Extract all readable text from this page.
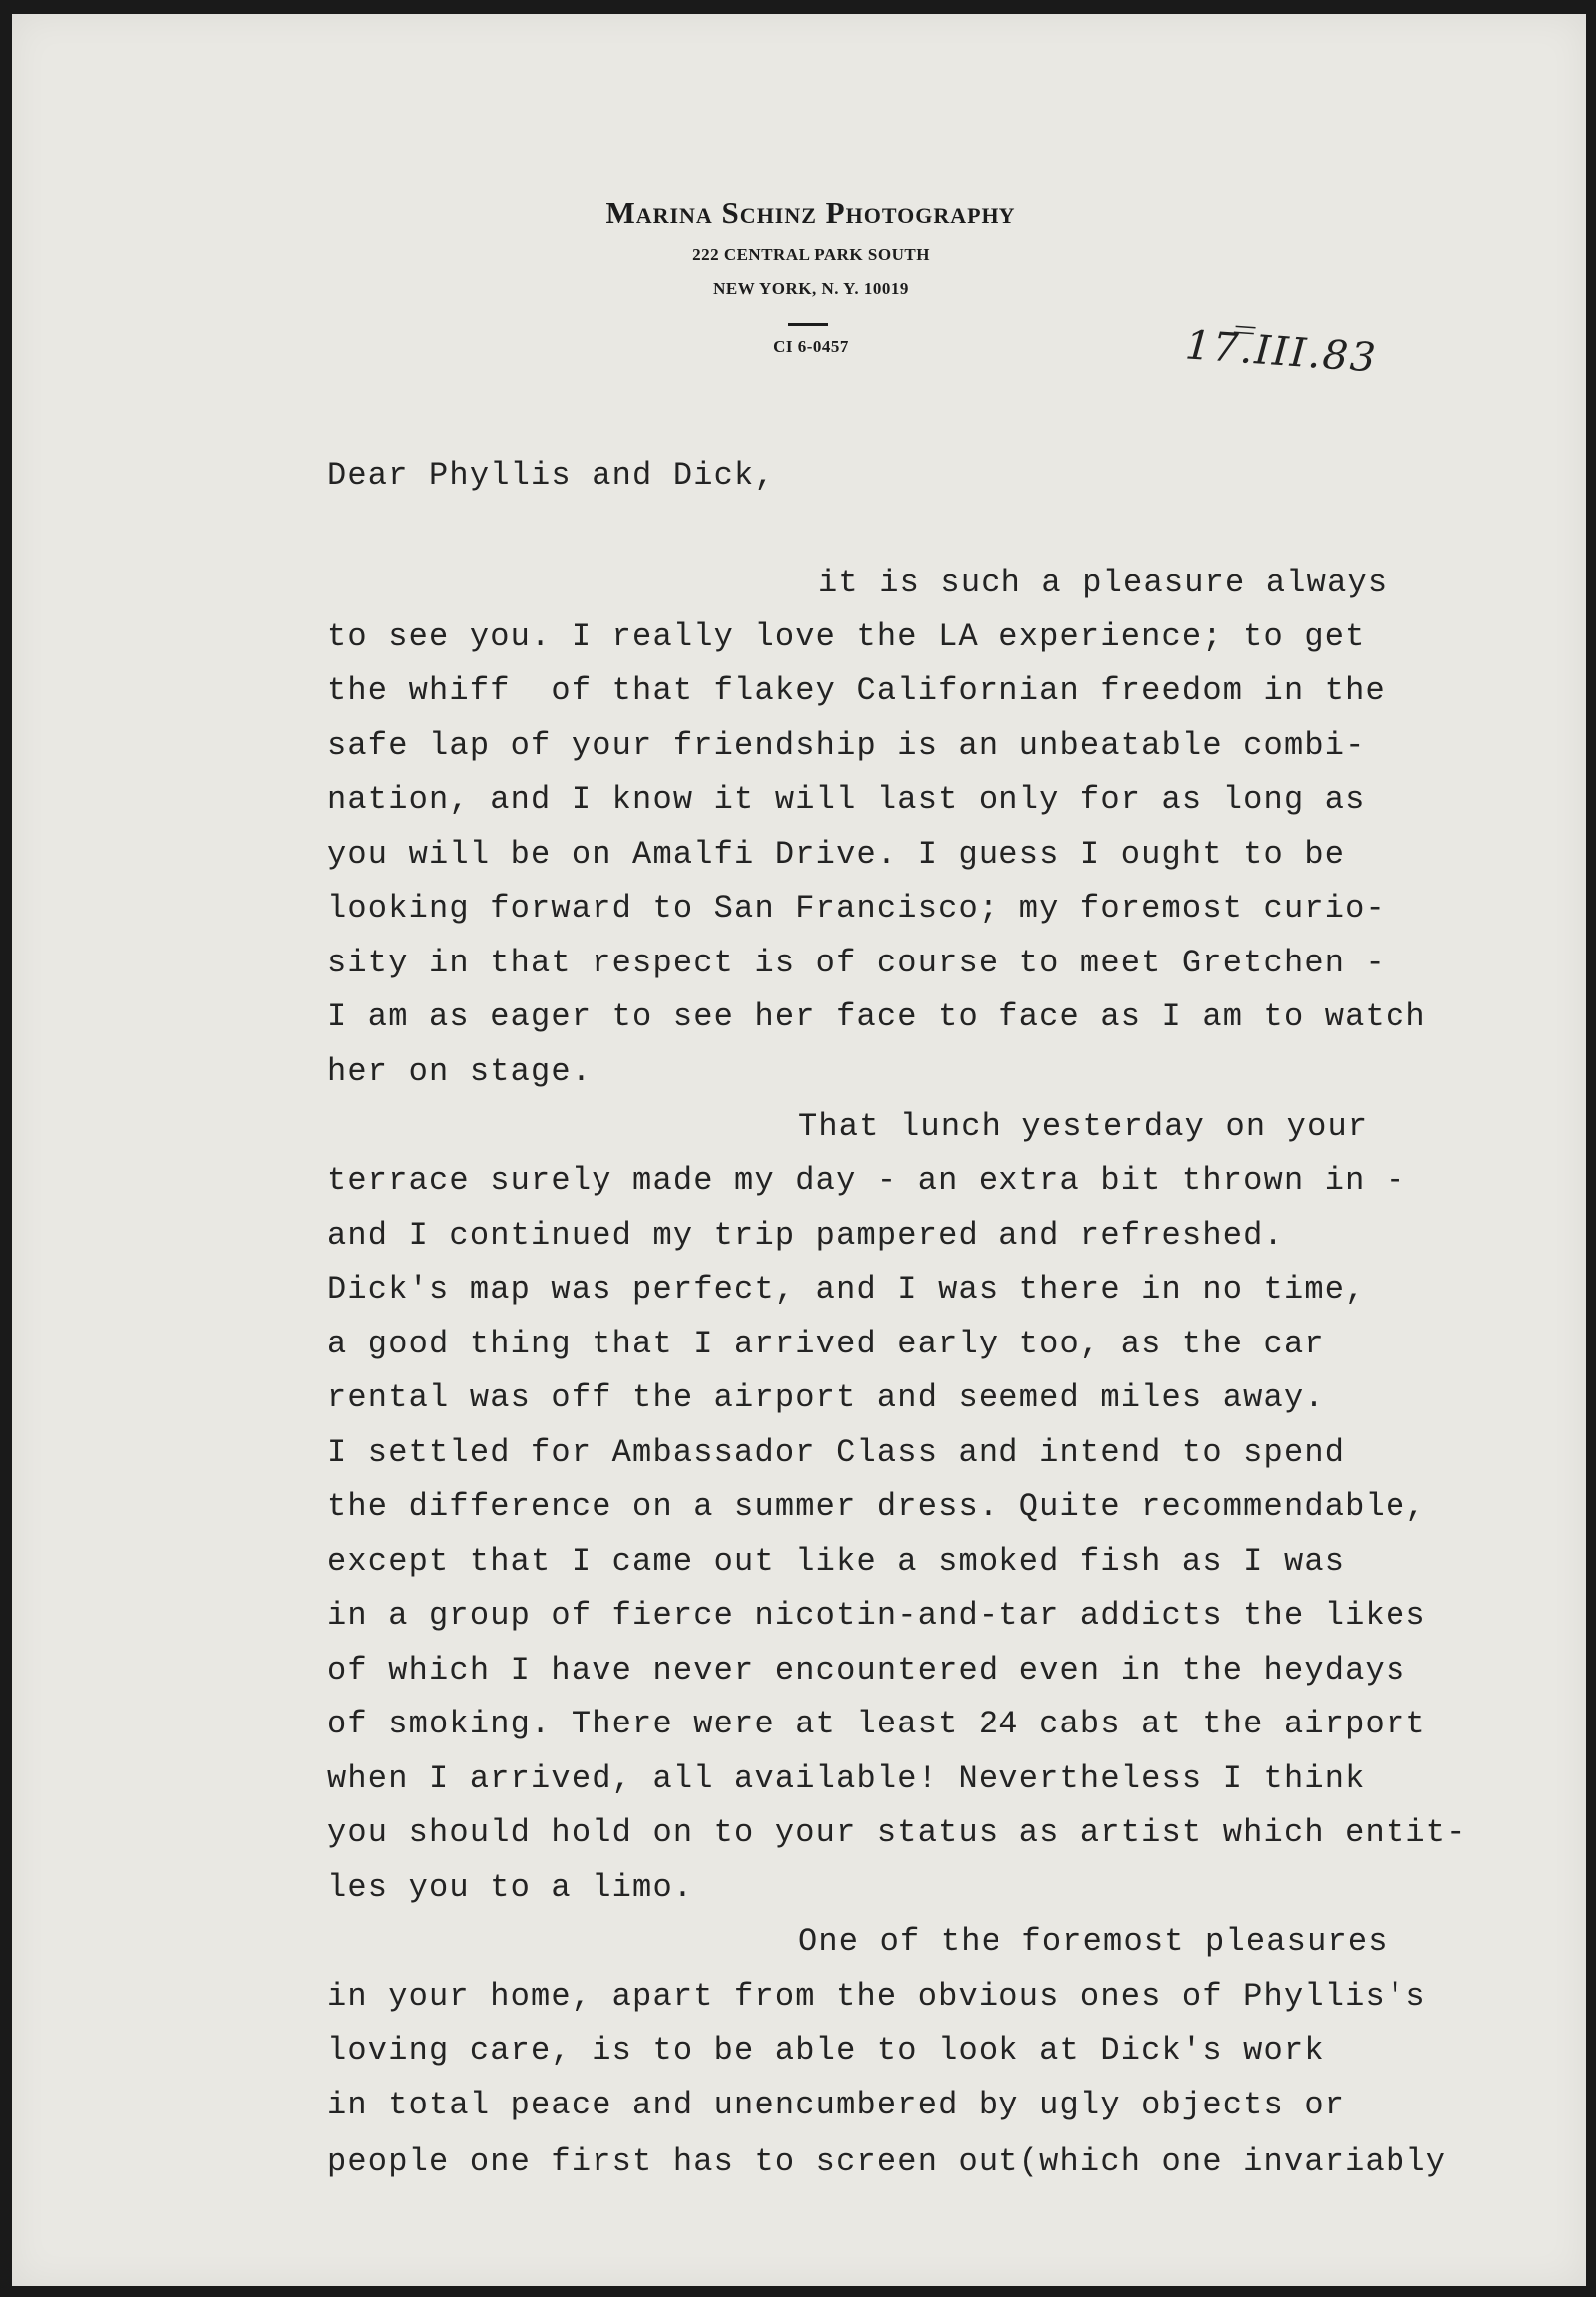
Marina Schinz Photography
222 CENTRAL PARK SOUTH
NEW YORK, N. Y. 10019
CI 6-0457	17.̅̅III.83

Dear Phyllis and Dick,

it is such a pleasure always

to see you. I really love the LA experience; to get

the whiff  of that flakey Californian freedom in the

safe lap of your friendship is an unbeatable combi-

nation, and I know it will last only for as long as

you will be on Amalfi Drive. I guess I ought to be

looking forward to San Francisco; my foremost curio-

sity in that respect is of course to meet Gretchen -

I am as eager to see her face to face as I am to watch

her on stage.

That lunch yesterday on your

terrace surely made my day - an extra bit thrown in -

and I continued my trip pampered and refreshed.

Dick's map was perfect, and I was there in no time,

a good thing that I arrived early too, as the car

rental was off the airport and seemed miles away.

I settled for Ambassador Class and intend to spend

the difference on a summer dress. Quite recommendable,

except that I came out like a smoked fish as I was

in a group of fierce nicotin-and-tar addicts the likes

of which I have never encountered even in the heydays

of smoking. There were at least 24 cabs at the airport

when I arrived, all available! Nevertheless I think

you should hold on to your status as artist which entit-

les you to a limo.

One of the foremost pleasures

in your home, apart from the obvious ones of Phyllis's

loving care, is to be able to look at Dick's work

in total peace and unencumbered by ugly objects or

people one first has to screen out(which one invariably
